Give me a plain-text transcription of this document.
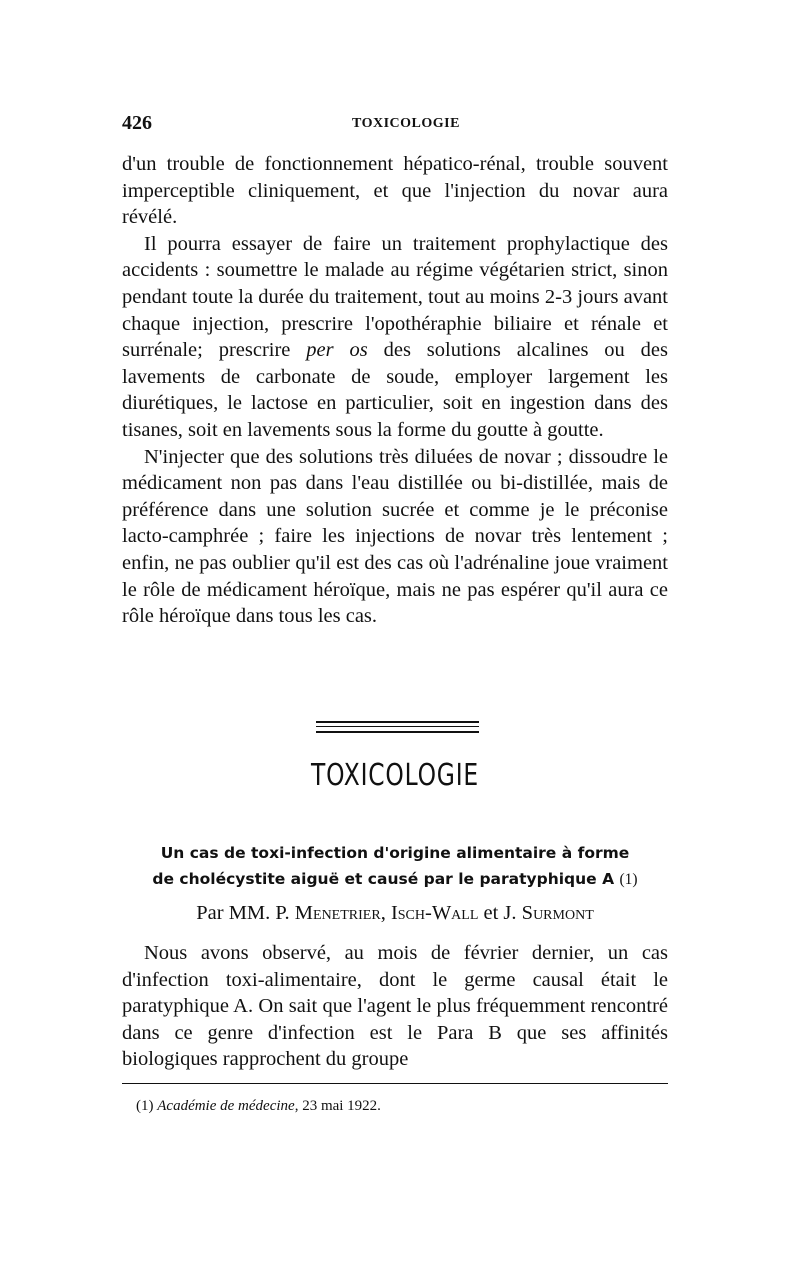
426	TOXICOLOGIE

d'un trouble de fonctionnement hépatico-rénal, trouble souvent imperceptible cliniquement, et que l'injection du novar aura révélé.

Il pourra essayer de faire un traitement prophylactique des accidents : soumettre le malade au régime végétarien strict, sinon pendant toute la durée du traitement, tout au moins 2-3 jours avant chaque injection, prescrire l'opothéraphie biliaire et rénale et surrénale; prescrire per os des solutions alcalines ou des lavements de carbonate de soude, employer largement les diurétiques, le lactose en particulier, soit en ingestion dans des tisanes, soit en lavements sous la forme du goutte à goutte.

N'injecter que des solutions très diluées de novar ; dissoudre le médicament non pas dans l'eau distillée ou bi-distillée, mais de préférence dans une solution sucrée et comme je le préconise lacto-camphrée ; faire les injections de novar très lentement ; enfin, ne pas oublier qu'il est des cas où l'adrénaline joue vraiment le rôle de médicament héroïque, mais ne pas espérer qu'il aura ce rôle héroïque dans tous les cas.

TOXICOLOGIE
Un cas de toxi-infection d'origine alimentaire à forme
de cholécystite aiguë et causé par le paratyphique A (1)
Par MM. P. Menetrier, Isch-Wall et J. Surmont

Nous avons observé, au mois de février dernier, un cas d'infection toxi-alimentaire, dont le germe causal était le paratyphique A. On sait que l'agent le plus fréquemment rencontré dans ce genre d'infection est le Para B que ses affinités biologiques rapprochent du groupe

(1) Académie de médecine, 23 mai 1922.
